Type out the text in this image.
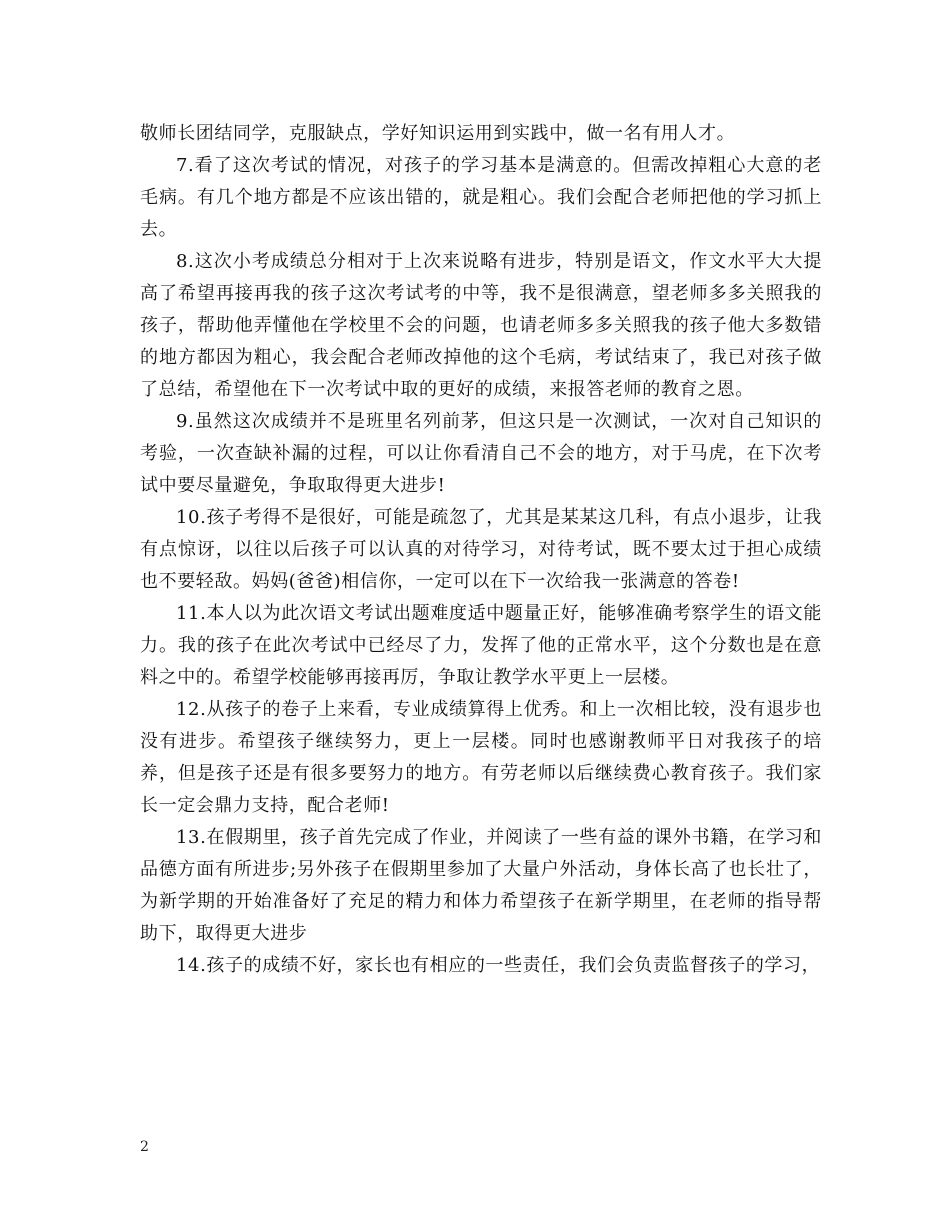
敬师长团结同学，克服缺点，学好知识运用到实践中，做一名有用人才。

7.看了这次考试的情况，对孩子的学习基本是满意的。但需改掉粗心大意的老毛病。有几个地方都是不应该出错的，就是粗心。我们会配合老师把他的学习抓上去。

8.这次小考成绩总分相对于上次来说略有进步，特别是语文，作文水平大大提高了希望再接再我的孩子这次考试考的中等，我不是很满意，望老师多多关照我的孩子，帮助他弄懂他在学校里不会的问题，也请老师多多关照我的孩子他大多数错的地方都因为粗心，我会配合老师改掉他的这个毛病，考试结束了，我已对孩子做了总结，希望他在下一次考试中取的更好的成绩，来报答老师的教育之恩。

9.虽然这次成绩并不是班里名列前茅，但这只是一次测试，一次对自己知识的考验，一次查缺补漏的过程，可以让你看清自己不会的地方，对于马虎，在下次考试中要尽量避免，争取取得更大进步!

10.孩子考得不是很好，可能是疏忽了，尤其是某某这几科，有点小退步，让我有点惊讶，以往以后孩子可以认真的对待学习，对待考试，既不要太过于担心成绩也不要轻敌。妈妈(爸爸)相信你，一定可以在下一次给我一张满意的答卷!

11.本人以为此次语文考试出题难度适中题量正好，能够准确考察学生的语文能力。我的孩子在此次考试中已经尽了力，发挥了他的正常水平，这个分数也是在意料之中的。希望学校能够再接再厉，争取让教学水平更上一层楼。

12.从孩子的卷子上来看，专业成绩算得上优秀。和上一次相比较，没有退步也没有进步。希望孩子继续努力，更上一层楼。同时也感谢教师平日对我孩子的培养，但是孩子还是有很多要努力的地方。有劳老师以后继续费心教育孩子。我们家长一定会鼎力支持，配合老师!

13.在假期里，孩子首先完成了作业，并阅读了一些有益的课外书籍，在学习和品德方面有所进步;另外孩子在假期里参加了大量户外活动，身体长高了也长壮了，为新学期的开始准备好了充足的精力和体力希望孩子在新学期里，在老师的指导帮助下，取得更大进步

14.孩子的成绩不好，家长也有相应的一些责任，我们会负责监督孩子的学习，

2
